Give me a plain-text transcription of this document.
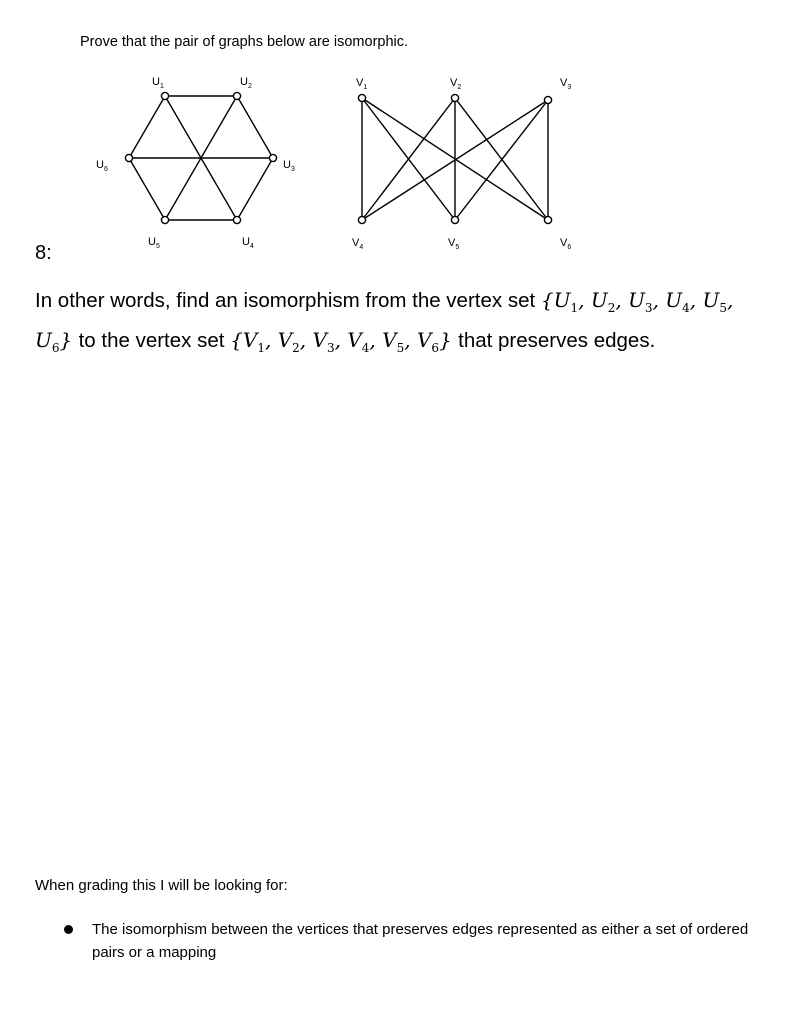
Prove that the pair of graphs below are isomorphic.
$U_1$	$U_2$
$U_3$
$U_4$
$U_5$
$U_6$
$V_1$	$V_2$	$V_3$
$V_4$	$V_5$	$V_6$
8:
In other words, find an isomorphism from the vertex set {$U_1$, $U_2$, $U_3$, $U_4$, $U_5$, $U_6$} to the vertex set {$V_1$, $V_2$, $V_3$, $V_4$, $V_5$, $V_6$} that preserves edges.
When grading this I will be looking for:
The isomorphism between the vertices that preserves edges represented as either a set of ordered pairs or a mapping
